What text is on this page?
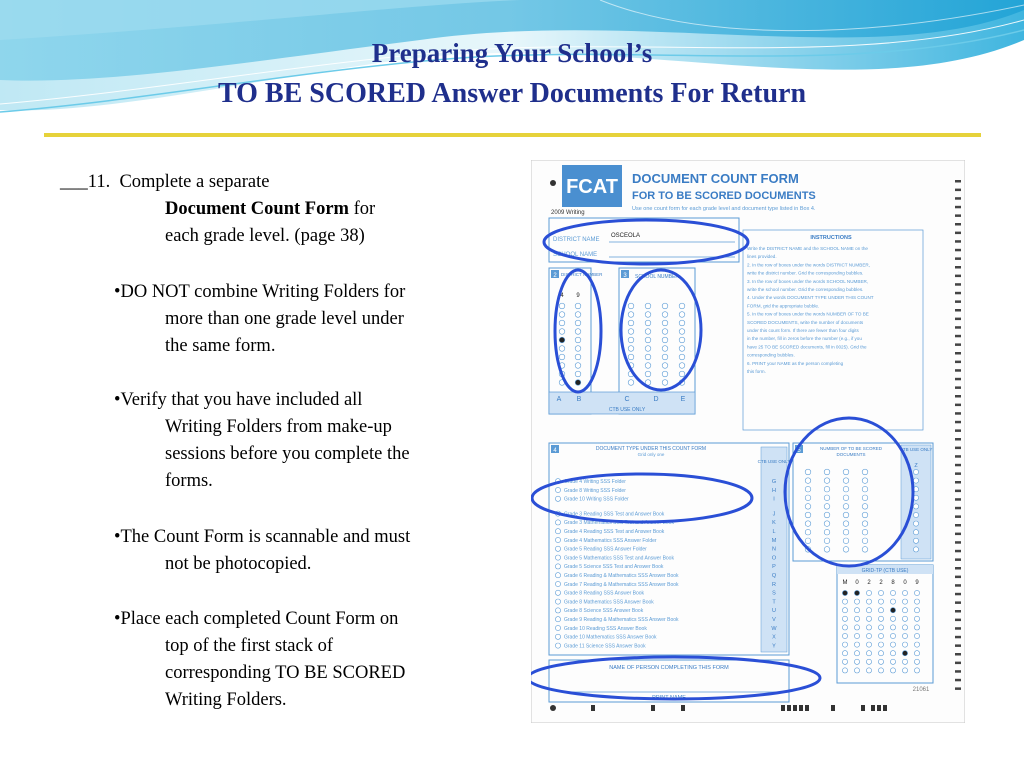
Preparing Your School’s
TO BE SCORED Answer Documents For Return
___11. Complete a separate
Document Count Form for
each grade level. (page 38)
•DO NOT combine Writing Folders for
more than one grade level under
the same form.
•Verify that you have included all
Writing Folders from make-up
sessions before you complete the
forms.
•The Count Form is scannable and must
not be photocopied.
•Place each completed Count Form on
top of the first stack of
corresponding TO BE SCORED
Writing Folders.
FCAT DOCUMENT COUNT FORM
FOR TO BE SCORED DOCUMENTS
Use one count form for each grade level and document type listed in Box 4.
2009 Writing
DISTRICT NAME
OSCEOLA
SCHOOL NAME
INSTRUCTIONS
Write the DISTRICT NAME and the SCHOOL NAME on the
lines provided.
2. In the row of boxes under the words DISTRICT NUMBER,
write the district number. Grid the corresponding bubbles.
3. In the row of boxes under the words SCHOOL NUMBER,
write the school number. Grid the corresponding bubbles.
4. Under the words DOCUMENT TYPE UNDER THIS COUNT
FORM, grid the appropriate bubble.
5. In the row of boxes under the words NUMBER OF TO BE
SCORED DOCUMENTS, write the number of documents
under this count form. If there are fewer than four digits
in the number, fill in zeros before the number (e.g., if you
have 25 TO BE SCORED documents, fill in 0025). Grid the
corresponding bubbles.
6. PRINT your NAME as the person completing
this form.
2 DISTRICT NUMBER
4 9
3 SCHOOL NUMBER
A B	C	D	E
CTB USE ONLY
4	DOCUMENT TYPE UNDER THIS COUNT FORM
Grid only one
CTB USE ONLY
Grade 4 Writing SSS Folder	G
Grade 8 Writing SSS Folder	H
Grade 10 Writing SSS Folder	I
Grade 3 Reading SSS Test and Answer Book	J
Grade 3 Mathematics SSS Test and Answer Book	K
Grade 4 Reading SSS Test and Answer Book	L
Grade 4 Mathematics SSS Answer Folder	M
Grade 5 Reading SSS Answer Folder	N
Grade 5 Mathematics SSS Test and Answer Book	O
Grade 5 Science SSS Test and Answer Book	P
Grade 6 Reading & Mathematics SSS Answer Book	Q
Grade 7 Reading & Mathematics SSS Answer Book	R
Grade 8 Reading SSS Answer Book	S
Grade 8 Mathematics SSS Answer Book	T
Grade 8 Science SSS Answer Book	U
Grade 9 Reading & Mathematics SSS Answer Book	V
Grade 10 Reading SSS Answer Book	W
Grade 10 Mathematics SSS Answer Book	X
Grade 11 Science SSS Answer Book	Y
5	NUMBER OF TO BE SCORED
DOCUMENTS
CTB USE ONLY
Z
GRID-TP (CTB USE)
M 0 2 2 8 0 9
NAME OF PERSON COMPLETING THIS FORM
PRINT NAME
21061
